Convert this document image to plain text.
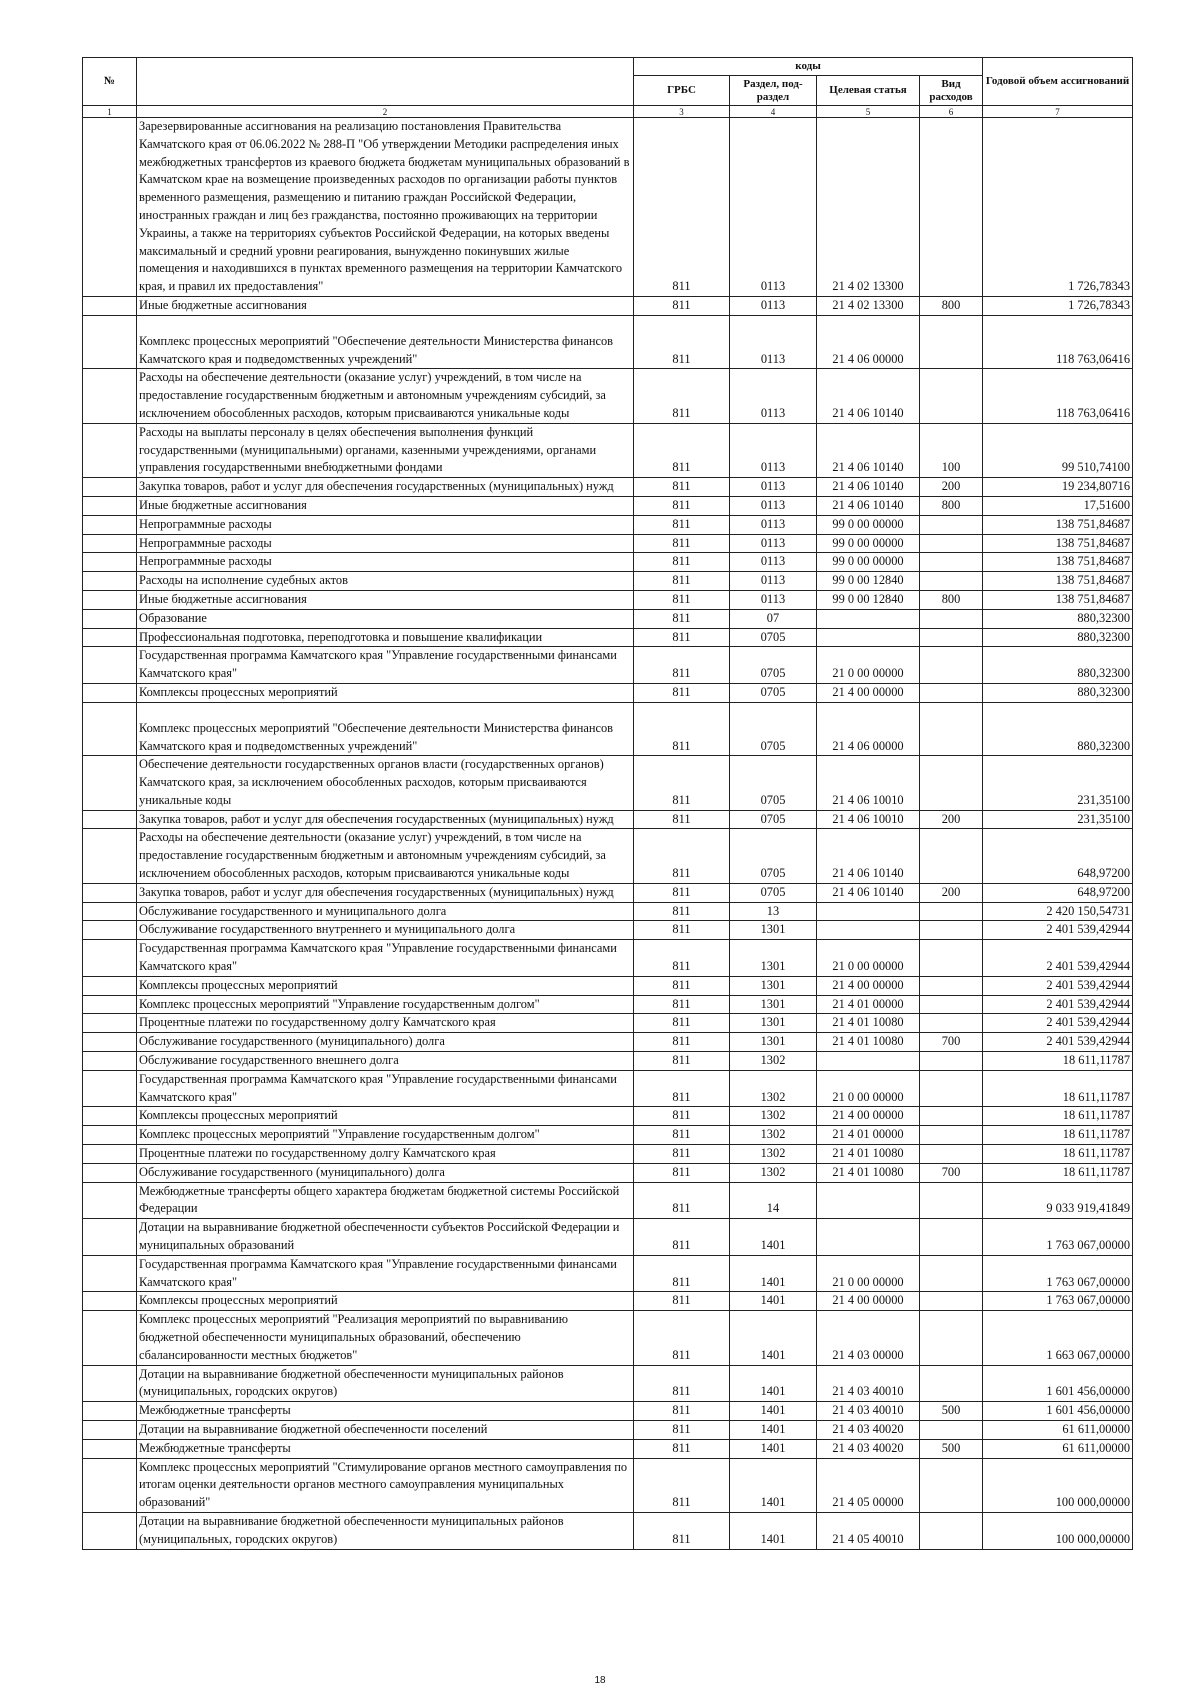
№		коды				Годовой объем ассигнований
		ГРБС	Раздел, под-раздел	Целевая статья	Вид расходов	
1	2	3	4	5	6	7
	Зарезервированные ассигнования на реализацию постановления Правительства Камчатского края от 06.06.2022 № 288-П "Об утверждении Методики распределения иных межбюджетных трансфертов из краевого бюджета бюджетам муниципальных образований в Камчатском крае на возмещение произведенных расходов по организации работы пунктов временного размещения, размещению и питанию граждан Российской Федерации, иностранных граждан и лиц без гражданства, постоянно проживающих на территории Украины, а также на территориях субъектов Российской Федерации, на которых введены максимальный и средний уровни реагирования, вынужденно покинувших жилые помещения и находившихся в пунктах временного размещения на территории Камчатского края, и правил их предоставления"	811	0113	21 4 02 13300		1 726,78343
	Иные бюджетные ассигнования	811	0113	21 4 02 13300	800	1 726,78343
	Комплекс процессных мероприятий "Обеспечение деятельности Министерства финансов Камчатского края и подведомственных учреждений"	811	0113	21 4 06 00000		118 763,06416
	Расходы на обеспечение деятельности (оказание услуг) учреждений, в том числе на предоставление государственным бюджетным и автономным учреждениям субсидий, за исключением обособленных расходов, которым присваиваются уникальные коды	811	0113	21 4 06 10140		118 763,06416
	Расходы на выплаты персоналу в целях обеспечения выполнения функций государственными (муниципальными) органами, казенными учреждениями, органами управления государственными внебюджетными фондами	811	0113	21 4 06 10140	100	99 510,74100
	Закупка товаров, работ и услуг для обеспечения государственных (муниципальных) нужд	811	0113	21 4 06 10140	200	19 234,80716
	Иные бюджетные ассигнования	811	0113	21 4 06 10140	800	17,51600
	Непрограммные расходы	811	0113	99 0 00 00000		138 751,84687
	Непрограммные расходы	811	0113	99 0 00 00000		138 751,84687
	Непрограммные расходы	811	0113	99 0 00 00000		138 751,84687
	Расходы на исполнение судебных актов	811	0113	99 0 00 12840		138 751,84687
	Иные бюджетные ассигнования	811	0113	99 0 00 12840	800	138 751,84687
	Образование	811	07			880,32300
	Профессиональная подготовка, переподготовка и повышение квалификации	811	0705			880,32300
	Государственная программа Камчатского края "Управление государственными финансами Камчатского края"	811	0705	21 0 00 00000		880,32300
	Комплексы процессных мероприятий	811	0705	21 4 00 00000		880,32300
	Комплекс процессных мероприятий "Обеспечение деятельности Министерства финансов Камчатского края и подведомственных учреждений"	811	0705	21 4 06 00000		880,32300
	Обеспечение деятельности государственных органов власти (государственных органов) Камчатского края, за исключением обособленных расходов, которым присваиваются уникальные коды	811	0705	21 4 06 10010		231,35100
	Закупка товаров, работ и услуг для обеспечения государственных (муниципальных) нужд	811	0705	21 4 06 10010	200	231,35100
	Расходы на обеспечение деятельности (оказание услуг) учреждений, в том числе на предоставление государственным бюджетным и автономным учреждениям субсидий, за исключением обособленных расходов, которым присваиваются уникальные коды	811	0705	21 4 06 10140		648,97200
	Закупка товаров, работ и услуг для обеспечения государственных (муниципальных) нужд	811	0705	21 4 06 10140	200	648,97200
	Обслуживание государственного и муниципального долга	811	13			2 420 150,54731
	Обслуживание государственного внутреннего и муниципального долга	811	1301			2 401 539,42944
	Государственная программа Камчатского края "Управление государственными финансами Камчатского края"	811	1301	21 0 00 00000		2 401 539,42944
	Комплексы процессных мероприятий	811	1301	21 4 00 00000		2 401 539,42944
	Комплекс процессных мероприятий "Управление государственным долгом"	811	1301	21 4 01 00000		2 401 539,42944
	Процентные платежи по государственному долгу Камчатского края	811	1301	21 4 01 10080		2 401 539,42944
	Обслуживание государственного (муниципального) долга	811	1301	21 4 01 10080	700	2 401 539,42944
	Обслуживание государственного внешнего долга	811	1302			18 611,11787
	Государственная программа Камчатского края "Управление государственными финансами Камчатского края"	811	1302	21 0 00 00000		18 611,11787
	Комплексы процессных мероприятий	811	1302	21 4 00 00000		18 611,11787
	Комплекс процессных мероприятий "Управление государственным долгом"	811	1302	21 4 01 00000		18 611,11787
	Процентные платежи по государственному долгу Камчатского края	811	1302	21 4 01 10080		18 611,11787
	Обслуживание государственного (муниципального) долга	811	1302	21 4 01 10080	700	18 611,11787
	Межбюджетные трансферты общего характера бюджетам бюджетной системы Российской Федерации	811	14			9 033 919,41849
	Дотации на выравнивание бюджетной обеспеченности субъектов Российской Федерации и муниципальных образований	811	1401			1 763 067,00000
	Государственная программа Камчатского края "Управление государственными финансами Камчатского края"	811	1401	21 0 00 00000		1 763 067,00000
	Комплексы процессных мероприятий	811	1401	21 4 00 00000		1 763 067,00000
	Комплекс процессных мероприятий "Реализация мероприятий по выравниванию бюджетной обеспеченности муниципальных образований, обеспечению сбалансированности местных бюджетов"	811	1401	21 4 03 00000		1 663 067,00000
	Дотации на выравнивание бюджетной обеспеченности муниципальных районов (муниципальных, городских округов)	811	1401	21 4 03 40010		1 601 456,00000
	Межбюджетные трансферты	811	1401	21 4 03 40010	500	1 601 456,00000
	Дотации на выравнивание бюджетной обеспеченности поселений	811	1401	21 4 03 40020		61 611,00000
	Межбюджетные трансферты	811	1401	21 4 03 40020	500	61 611,00000
	Комплекс процессных мероприятий "Стимулирование органов местного самоуправления по итогам оценки деятельности органов местного самоуправления муниципальных образований"	811	1401	21 4 05 00000		100 000,00000
	Дотации на выравнивание бюджетной обеспеченности муниципальных районов (муниципальных, городских округов)	811	1401	21 4 05 40010		100 000,00000
18
